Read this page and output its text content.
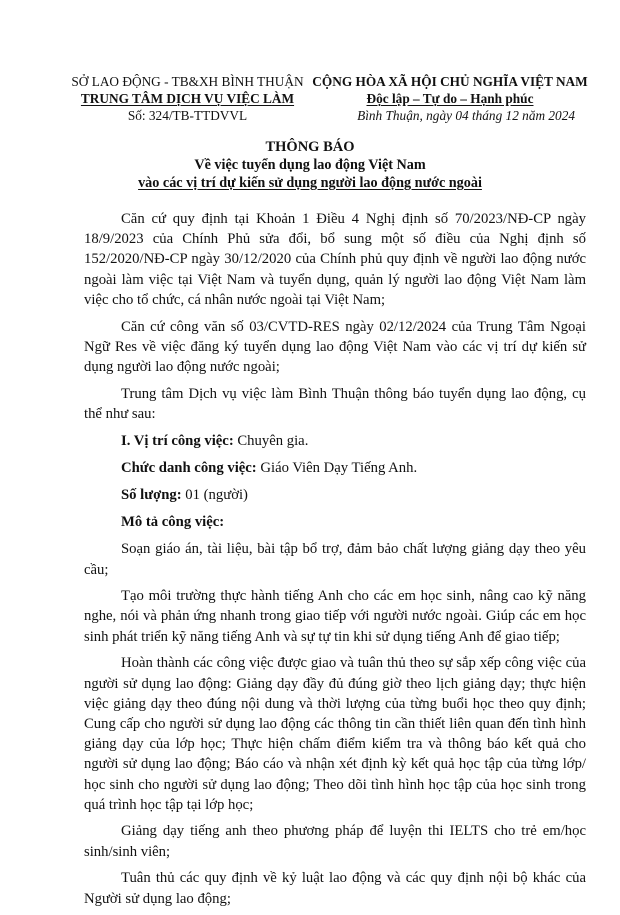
SỞ LAO ĐỘNG - TB&XH BÌNH THUẬN
TRUNG TÂM DỊCH VỤ VIỆC LÀM
Số: 324/TB-TTDVVL
CỘNG HÒA XÃ HỘI CHỦ NGHĨA VIỆT NAM
Độc lập – Tự do – Hạnh phúc
Bình Thuận, ngày 04 tháng 12 năm 2024
THÔNG BÁO
Về việc tuyển dụng lao động Việt Nam
vào các vị trí dự kiến sử dụng người lao động nước ngoài

Căn cứ quy định tại Khoản 1 Điều 4 Nghị định số 70/2023/NĐ-CP ngày 18/9/2023 của Chính Phủ sửa đổi, bổ sung một số điều của Nghị định số 152/2020/NĐ-CP ngày 30/12/2020 của Chính phủ quy định về người lao động nước ngoài làm việc tại Việt Nam và tuyển dụng, quản lý người lao động Việt Nam làm việc cho tổ chức, cá nhân nước ngoài tại Việt Nam;

Căn cứ công văn số 03/CVTD-RES ngày 02/12/2024 của Trung Tâm Ngoại Ngữ Res về việc đăng ký tuyển dụng lao động Việt Nam vào các vị trí dự kiến sử dụng người lao động nước ngoài;

Trung tâm Dịch vụ việc làm Bình Thuận thông báo tuyển dụng lao động, cụ thể như sau:

I. Vị trí công việc: Chuyên gia.

Chức danh công việc: Giáo Viên Dạy Tiếng Anh.

Số lượng: 01 (người)

Mô tả công việc:

Soạn giáo án, tài liệu, bài tập bổ trợ, đảm bảo chất lượng giảng dạy theo yêu cầu;

Tạo môi trường thực hành tiếng Anh cho các em học sinh, nâng cao kỹ năng nghe, nói và phản ứng nhanh trong giao tiếp với người nước ngoài. Giúp các em học sinh phát triển kỹ năng tiếng Anh và sự tự tin khi sử dụng tiếng Anh để giao tiếp;

Hoàn thành các công việc được giao và tuân thủ theo sự sắp xếp công việc của người sử dụng lao động: Giảng dạy đầy đủ đúng giờ theo lịch giảng dạy; thực hiện việc giảng dạy theo đúng nội dung và thời lượng của từng buổi học theo quy định; Cung cấp cho người sử dụng lao động các thông tin cần thiết liên quan đến tình hình giảng dạy của lớp học; Thực hiện chấm điểm kiểm tra và thông báo kết quả cho người sử dụng lao động; Báo cáo và nhận xét định kỳ kết quả học tập của từng lớp/ học sinh cho người sử dụng lao động; Theo dõi tình hình học tập của học sinh trong quá trình học tập tại lớp học;

Giảng dạy tiếng anh theo phương pháp để luyện thi IELTS cho trẻ em/học sinh/sinh viên;

Tuân thủ các quy định về kỷ luật lao động và các quy định nội bộ khác của Người sử dụng lao động;
